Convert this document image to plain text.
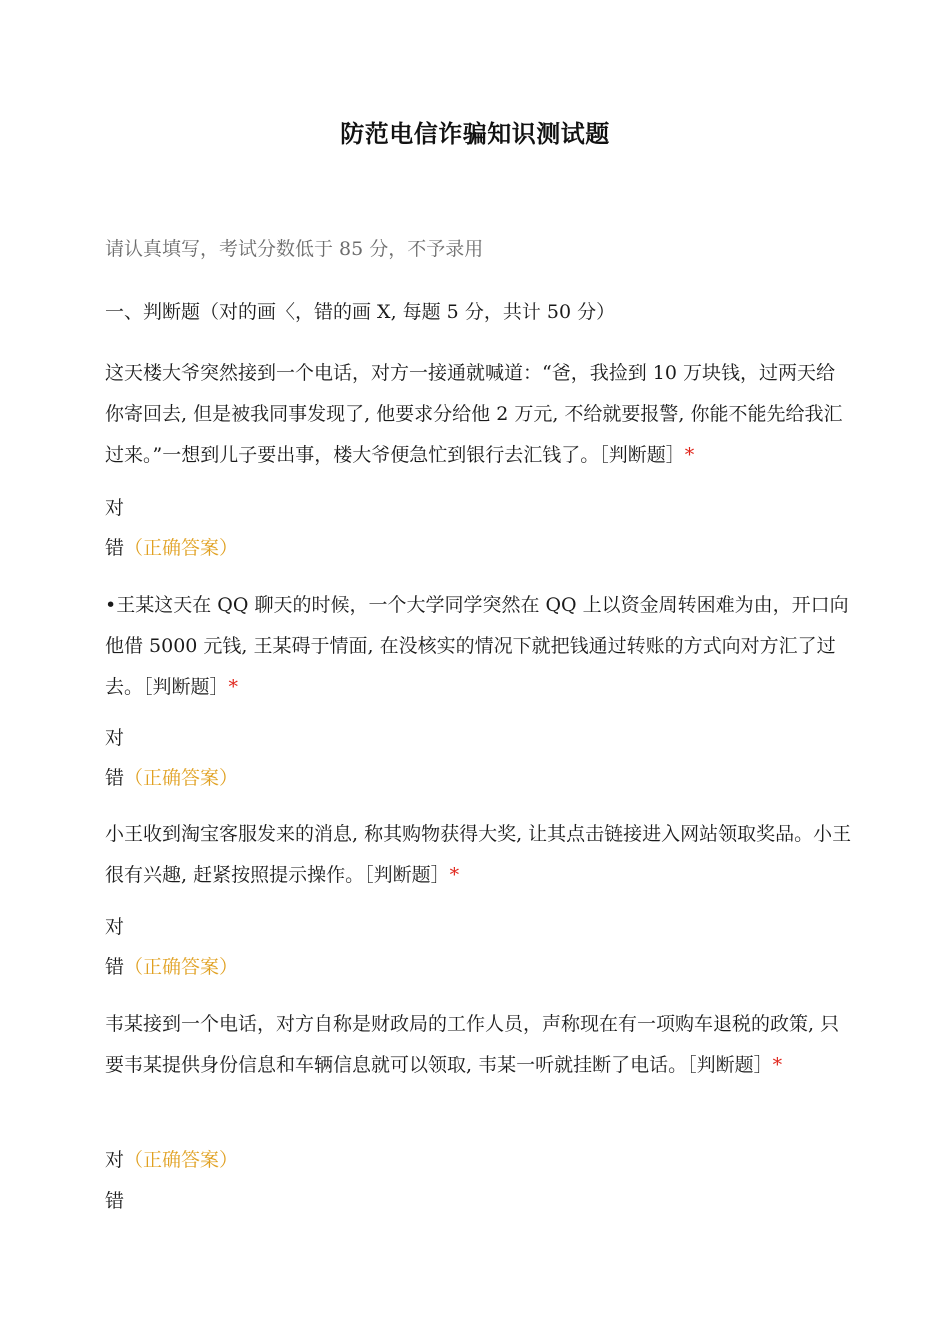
防范电信诈骗知识测试题
请认真填写，考试分数低于 85 分，不予录用
一、判断题（对的画〈，错的画 X, 每题 5 分，共计 50 分）
这天楼大爷突然接到一个电话，对方一接通就喊道：“爸，我捡到 10 万块钱，过两天给你寄回去, 但是被我同事发现了, 他要求分给他 2 万元, 不给就要报警, 你能不能先给我汇过来。”一想到儿子要出事，楼大爷便急忙到银行去汇钱了。［判断题］*
对
错（正确答案）
•王某这天在 QQ 聊天的时候，一个大学同学突然在 QQ 上以资金周转困难为由，开口向他借 5000 元钱, 王某碍于情面, 在没核实的情况下就把钱通过转账的方式向对方汇了过去。［判断题］*
对
错（正确答案）
小王收到淘宝客服发来的消息, 称其购物获得大奖, 让其点击链接进入网站领取奖品。小王很有兴趣, 赶紧按照提示操作。［判断题］*
对
错（正确答案）
韦某接到一个电话，对方自称是财政局的工作人员，声称现在有一项购车退税的政策, 只要韦某提供身份信息和车辆信息就可以领取, 韦某一听就挂断了电话。［判断题］*
对（正确答案）
错
